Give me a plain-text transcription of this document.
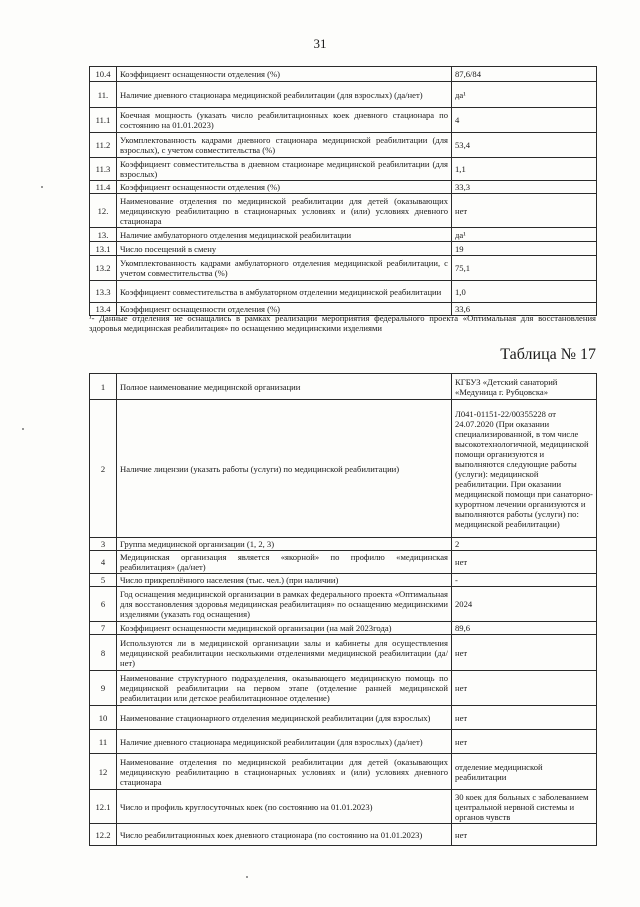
31
10.4	Коэффициент оснащенности отделения (%)	87,6/84
11.	Наличие дневного стационара медицинской реабилитации (для взрослых) (да/нет)	да¹
11.1	Коечная мощность (указать число реабилитационных коек дневного стационара по состоянию на 01.01.2023)	4
11.2	Укомплектованность кадрами дневного стационара медицинской реабилитации (для взрослых), с учетом совместительства (%)	53,4
11.3	Коэффициент совместительства в дневном стационаре медицинской реабилитации (для взрослых)	1,1
11.4	Коэффициент оснащенности отделения (%)	33,3
12.	Наименование отделения по медицинской реабилитации для детей (оказывающих медицинскую реабилитацию в стационарных условиях и (или) условиях дневного стационара	нет
13.	Наличие амбулаторного отделения медицинской реабилитации	да¹
13.1	Число посещений в смену	19
13.2	Укомплектованность кадрами амбулаторного отделения медицинской реабилитации, с учетом совместительства (%)	75,1
13.3	Коэффициент совместительства в амбулаторном отделении медицинской реабилитации	1,0
13.4	Коэффициент оснащенности отделения (%)	33,6
¹- Данные отделения не оснащались в рамках реализации мероприятия федерального проекта «Оптимальная для восстановления здоровья медицинская реабилитация» по оснащению медицинскими изделиями
Таблица № 17
1	Полное наименование медицинской организации	КГБУЗ «Детский санаторий «Медуница г. Рубцовска»
2	Наличие лицензии (указать работы (услуги) по медицинской реабилитации)	Л041-01151-22/00355228 от 24.07.2020 (При оказании специализированной, в том числе высокотехнологичной, медицинской помощи организуются и выполняются следующие работы (услуги): медицинской реабилитации. При оказании медицинской помощи при санаторно-курортном лечении организуются и выполняются работы (услуги) по: медицинской реабилитации)
3	Группа медицинской организации (1, 2, 3)	2
4	Медицинская организация является «якорной» по профилю «медицинская реабилитация» (да/нет)	нет
5	Число прикреплённого населения (тыс. чел.) (при наличии)	-
6	Год оснащения медицинской организации в рамках федерального проекта «Оптимальная для восстановления здоровья медицинская реабилитация» по оснащению медицинскими изделиями (указать год оснащения)	2024
7	Коэффициент оснащенности медицинской организации (на май 2023года)	89,6
8	Используются ли в медицинской организации залы и кабинеты для осуществления медицинской реабилитации несколькими отделениями медицинской реабилитации (да/нет)	нет
9	Наименование структурного подразделения, оказывающего медицинскую помощь по медицинской реабилитации на первом этапе (отделение ранней медицинской реабилитации или детское реабилитационное отделение)	нет
10	Наименование стационарного отделения медицинской реабилитации (для взрослых)	нет
11	Наличие дневного стационара медицинской реабилитации (для взрослых) (да/нет)	нет
12	Наименование отделения по медицинской реабилитации для детей (оказывающих медицинскую реабилитацию в стационарных условиях и (или) условиях дневного стационара	отделение медицинской реабилитации
12.1	Число и профиль круглосуточных коек (по состоянию на 01.01.2023)	30 коек для больных с заболеванием центральной нервной системы и органов чувств
12.2	Число реабилитационных коек дневного стационара (по состоянию на 01.01.2023)	нет
